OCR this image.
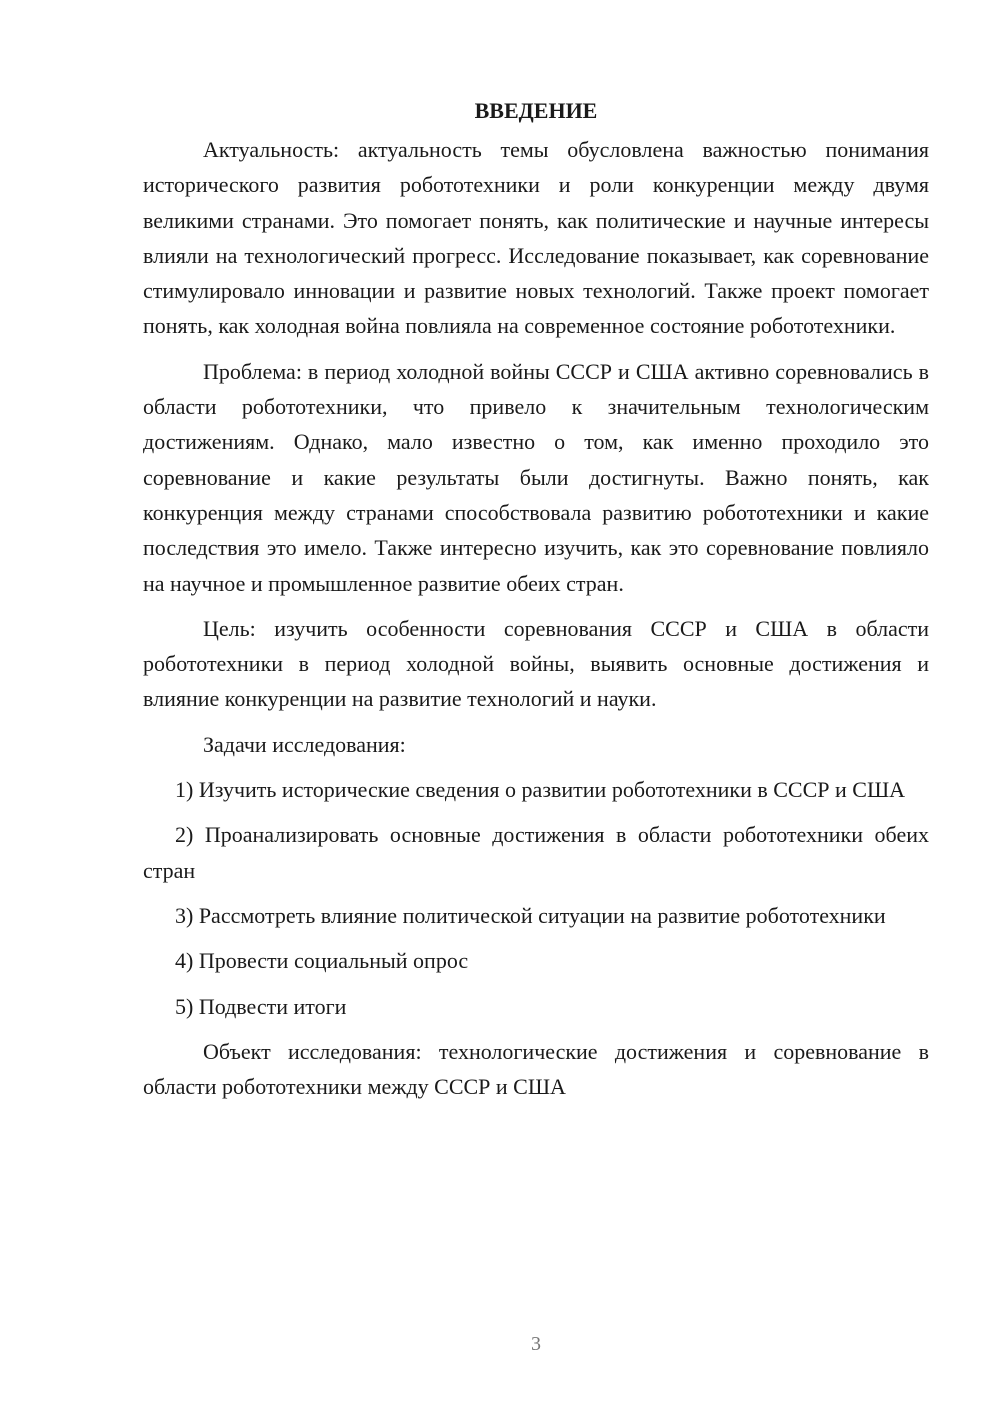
ВВЕДЕНИЕ

Актуальность: актуальность темы обусловлена важностью понимания исторического развития робототехники и роли конкуренции между двумя великими странами. Это помогает понять, как политические и научные интересы влияли на технологический прогресс. Исследование показывает, как соревнование стимулировало инновации и развитие новых технологий. Также проект помогает понять, как холодная война повлияла на современное состояние робототехники.

Проблема: в период холодной войны СССР и США активно соревновались в области робототехники, что привело к значительным технологическим достижениям. Однако, мало известно о том, как именно проходило это соревнование и какие результаты были достигнуты. Важно понять, как конкуренция между странами способствовала развитию робототехники и какие последствия это имело. Также интересно изучить, как это соревнование повлияло на научное и промышленное развитие обеих стран.

Цель: изучить особенности соревнования СССР и США в области робототехники в период холодной войны, выявить основные достижения и влияние конкуренции на развитие технологий и науки.

Задачи исследования:

1) Изучить исторические сведения о развитии робототехники в СССР и США

2) Проанализировать основные достижения в области робототехники обеих стран

3) Рассмотреть влияние политической ситуации на развитие робототехники

4) Провести социальный опрос

5) Подвести итоги

Объект исследования: технологические достижения и соревнование в области робототехники между СССР и США

3
